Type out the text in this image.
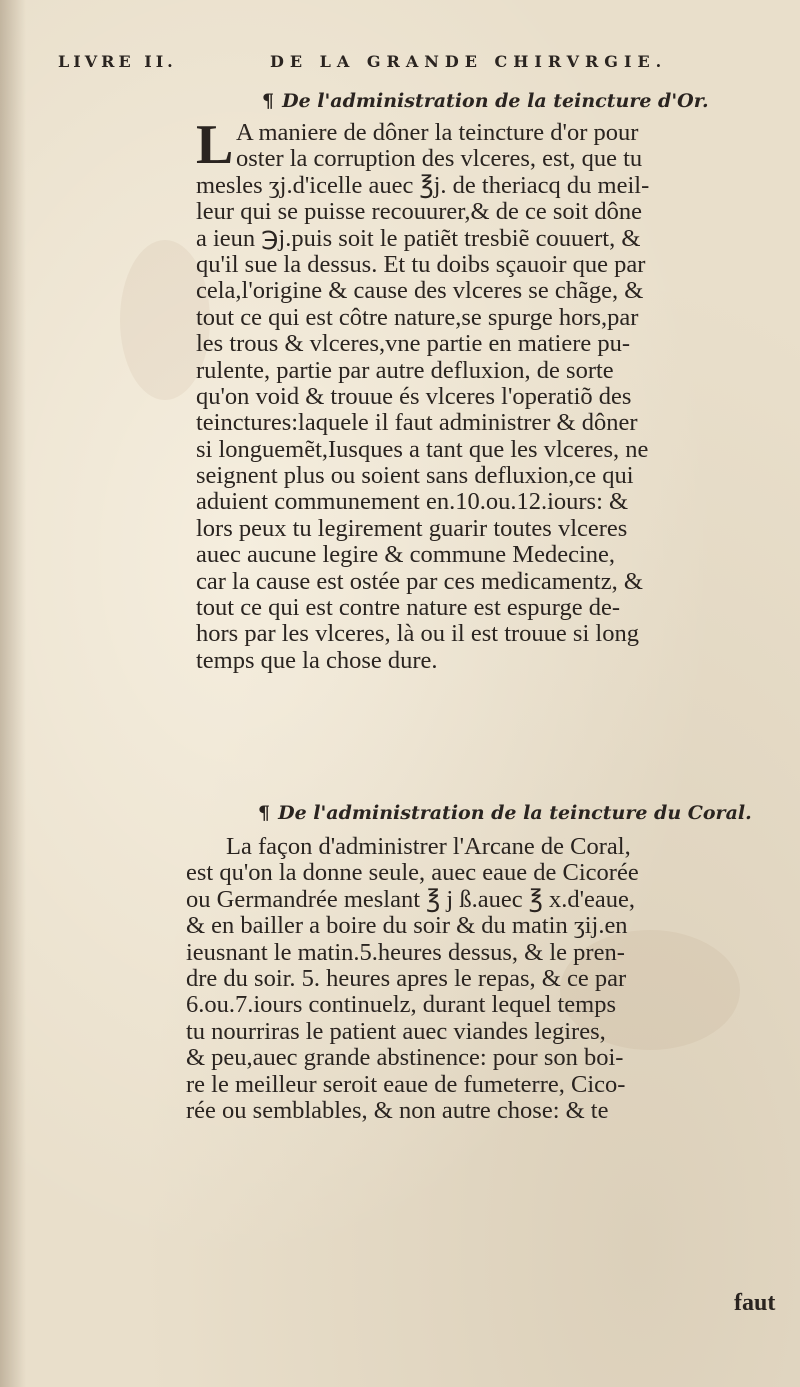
LIVRE II.	DE LA GRANDE CHIRVRGIE.
¶ De l'administration de la teincture d'Or.
L A maniere de dôner la teincture d'or pour
oster la corruption des vlceres, est, que tu
mesles ʒj.d'icelle auec ℥j. de theriacq du meil-
leur qui se puisse recouurer,& de ce soit dône
a ieun ℈j.puis soit le patiẽt tresbiẽ couuert, &
qu'il sue la dessus. Et tu doibs sçauoir que par
cela,l'origine & cause des vlceres se chãge, &
tout ce qui est côtre nature,se spurge hors,par
les trous & vlceres,vne partie en matiere pu-
rulente, partie par autre defluxion, de sorte
qu'on void & trouue és vlceres l'operatiõ des
teinctures:laquele il faut administrer & dôner
si longuemẽt,Iusques a tant que les vlceres, ne
seignent plus ou soient sans defluxion,ce qui
aduient communement en.10.ou.12.iours: &
lors peux tu legirement guarir toutes vlceres
auec aucune legire & commune Medecine,
car la cause est ostée par ces medicamentz, &
tout ce qui est contre nature est espurge de-
hors par les vlceres, là ou il est trouue si long
temps que la chose dure.
¶ De l'administration de la teincture du Coral.
La façon d'administrer l'Arcane de Coral,
est qu'on la donne seule, auec eaue de Cicorée
ou Germandrée meslant ℥ j ß.auec ℥ x.d'eaue,
& en bailler a boire du soir & du matin ʒij.en
ieusnant le matin.5.heures dessus, & le pren-
dre du soir. 5. heures apres le repas, & ce par
6.ou.7.iours continuelz, durant lequel temps
tu nourriras le patient auec viandes legires,
& peu,auec grande abstinence: pour son boi-
re le meilleur seroit eaue de fumeterre, Cico-
rée ou semblables, & non autre chose: & te
faut
